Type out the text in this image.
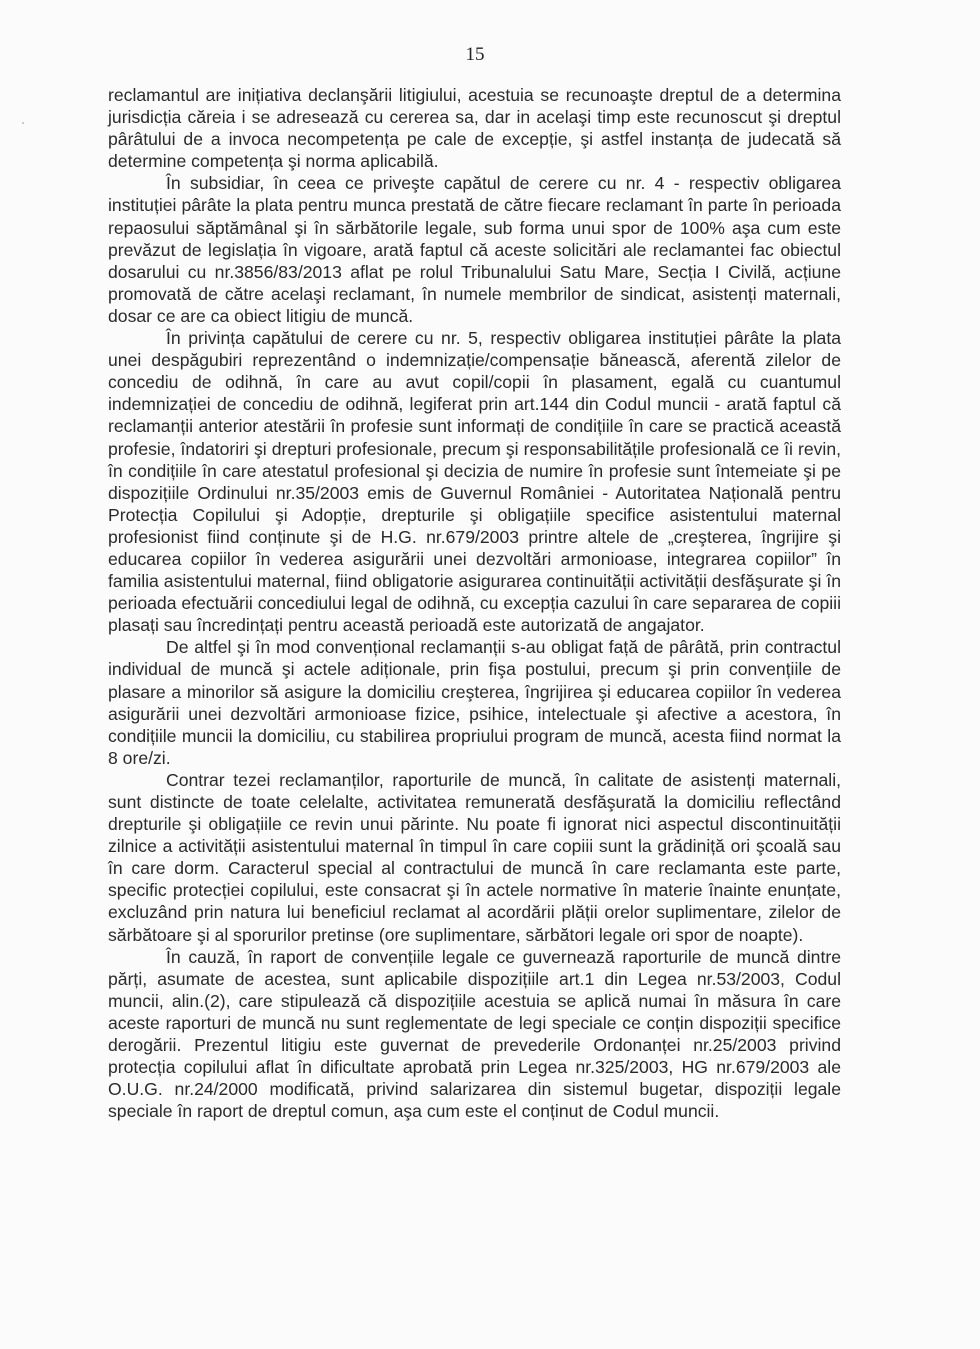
15

reclamantul are inițiativa declanşării litigiului, acestuia se recunoaşte dreptul de a determina jurisdicția căreia i se adresează cu cererea sa, dar in acelaşi timp este recunoscut şi dreptul pârâtului de a invoca necompetența pe cale de excepție, şi astfel instanța de judecată să determine competența şi norma aplicabilă.

În subsidiar, în ceea ce priveşte capătul de cerere cu nr. 4 - respectiv obligarea instituției pârâte la plata pentru munca prestată de către fiecare reclamant în parte în perioada repaosului săptămânal şi în sărbătorile legale, sub forma unui spor de 100% aşa cum este prevăzut de legislația în vigoare, arată faptul că aceste solicitări ale reclamantei fac obiectul dosarului cu nr.3856/83/2013 aflat pe rolul Tribunalului Satu Mare, Secția I Civilă, acțiune promovată de către acelaşi reclamant, în numele membrilor de sindicat, asistenți maternali, dosar ce are ca obiect litigiu de muncă.

În privința capătului de cerere cu nr. 5, respectiv obligarea instituției pârâte la plata unei despăgubiri reprezentând o indemnizație/compensație bănească, aferentă zilelor de concediu de odihnă, în care au avut copil/copii în plasament, egală cu cuantumul indemnizației de concediu de odihnă, legiferat prin art.144 din Codul muncii - arată faptul că reclamanții anterior atestării în profesie sunt informați de condițiile în care se practică această profesie, îndatoriri şi drepturi profesionale, precum şi responsabilitățile profesională ce îi revin, în condițiile în care atestatul profesional şi decizia de numire în profesie sunt întemeiate şi pe dispozițiile Ordinului nr.35/2003 emis de Guvernul României - Autoritatea Națională pentru Protecția Copilului şi Adopție, drepturile şi obligațiile specifice asistentului maternal profesionist fiind conținute şi de H.G. nr.679/2003 printre altele de „creşterea, îngrijire şi educarea copiilor în vederea asigurării unei dezvoltări armonioase, integrarea copiilor” în familia asistentului maternal, fiind obligatorie asigurarea continuității activității desfăşurate şi în perioada efectuării concediului legal de odihnă, cu excepția cazului în care separarea de copiii plasați sau încredințați pentru această perioadă este autorizată de angajator.

De altfel şi în mod convențional reclamanții s-au obligat față de pârâtă, prin contractul individual de muncă şi actele adiționale, prin fişa postului, precum şi prin convențiile de plasare a minorilor să asigure la domiciliu creşterea, îngrijirea şi educarea copiilor în vederea asigurării unei dezvoltări armonioase fizice, psihice, intelectuale şi afective a acestora, în condițiile muncii la domiciliu, cu stabilirea propriului program de muncă, acesta fiind normat la 8 ore/zi.

Contrar tezei reclamanților, raporturile de muncă, în calitate de asistenți maternali, sunt distincte de toate celelalte, activitatea remunerată desfăşurată la domiciliu reflectând drepturile şi obligațiile ce revin unui părinte. Nu poate fi ignorat nici aspectul discontinuității zilnice a activității asistentului maternal în timpul în care copiii sunt la grădiniță ori şcoală sau în care dorm. Caracterul special al contractului de muncă în care reclamanta este parte, specific protecției copilului, este consacrat şi în actele normative în materie înainte enunțate, excluzând prin natura lui beneficiul reclamat al acordării plății orelor suplimentare, zilelor de sărbătoare şi al sporurilor pretinse (ore suplimentare, sărbători legale ori spor de noapte).

În cauză, în raport de convențiile legale ce guvernează raporturile de muncă dintre părți, asumate de acestea, sunt aplicabile dispozițiile art.1 din Legea nr.53/2003, Codul muncii, alin.(2), care stipulează că dispozițiile acestuia se aplică numai în măsura în care aceste raporturi de muncă nu sunt reglementate de legi speciale ce conțin dispoziții specifice derogării. Prezentul litigiu este guvernat de prevederile Ordonanței nr.25/2003 privind protecția copilului aflat în dificultate aprobată prin Legea nr.325/2003, HG nr.679/2003 ale O.U.G. nr.24/2000 modificată, privind salarizarea din sistemul bugetar, dispoziții legale speciale în raport de dreptul comun, aşa cum este el conținut de Codul muncii.
